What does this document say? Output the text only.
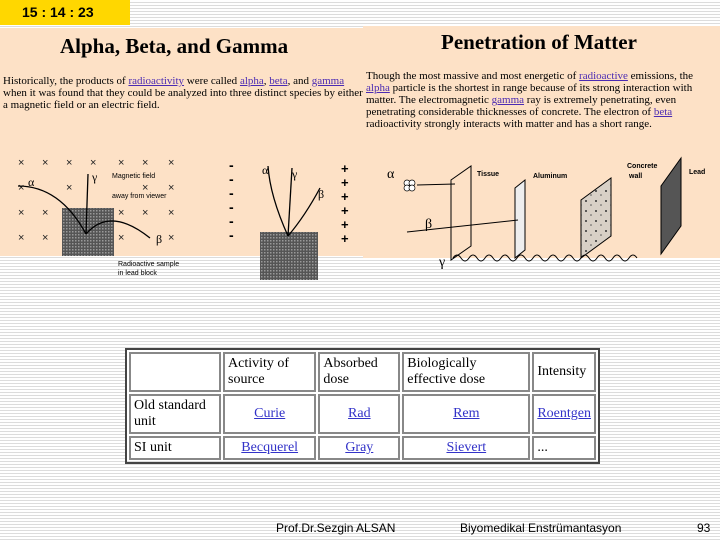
15 : 14 : 23
Alpha, Beta, and Gamma
Historically, the products of radioactivity were called alpha, beta, and gamma when it was found that they could be analyzed into three distinct species by either a magnetic field or an electric field.
× × × × × × ×
×	×	× ×
× ×	× × ×
× ×	×	×
α	γ
β
Magnetic field
away from viewer
Radioactive sample
in lead block
-
-
-
-
-
-
+
+
+
+
+
+
α γ
β
Penetration of Matter
Though the most massive and most energetic of radioactive emissions, the alpha particle is the shortest in range because of its strong interaction with matter. The electromagnetic gamma ray is extremely penetrating, even penetrating considerable thicknesses of concrete. The electron of beta radioactivity strongly interacts with matter and has a short range.
α
β
γ
Tissue	Aluminum
Concrete
wall
Lead
	Activity of source	Absorbed dose	Biologically effective dose	Intensity
Old standard unit	Curie	Rad	Rem	Roentgen
SI unit	Becquerel	Gray	Sievert	...
Prof.Dr.Sezgin ALSAN	Biyomedikal Enstrümantasyon	93
